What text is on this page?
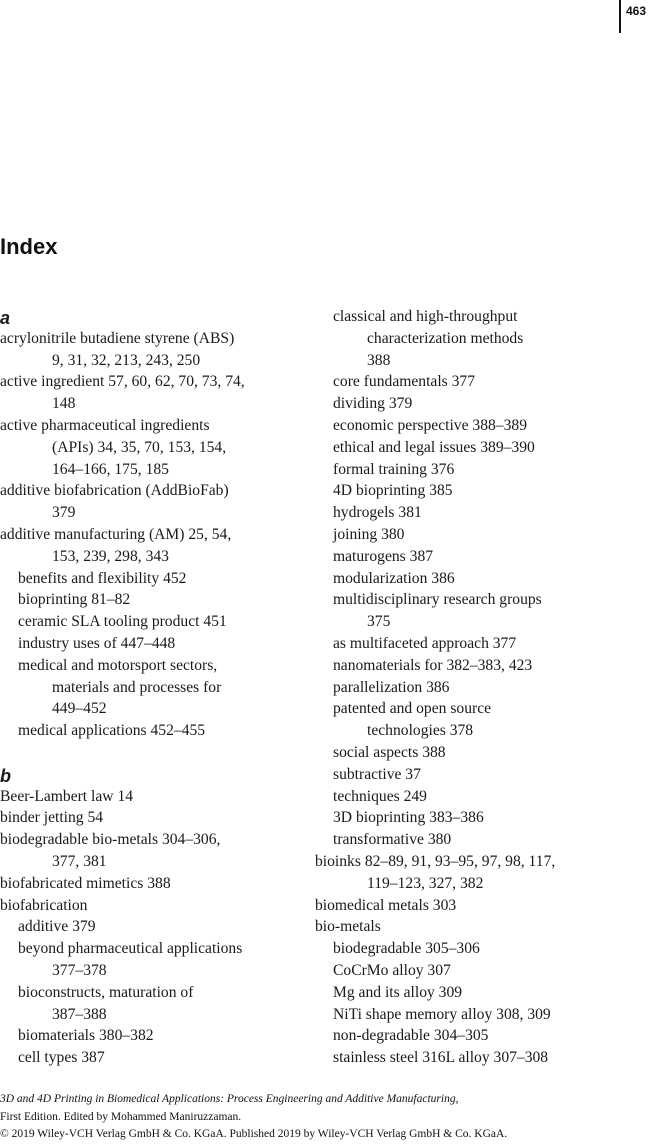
463
Index
a
acrylonitrile butadiene styrene (ABS)
9, 31, 32, 213, 243, 250
active ingredient 57, 60, 62, 70, 73, 74,
148
active pharmaceutical ingredients
(APIs) 34, 35, 70, 153, 154,
164–166, 175, 185
additive biofabrication (AddBioFab)
379
additive manufacturing (AM) 25, 54,
153, 239, 298, 343
benefits and flexibility 452
bioprinting 81–82
ceramic SLA tooling product 451
industry uses of 447–448
medical and motorsport sectors,
materials and processes for
449–452
medical applications 452–455
b
Beer-Lambert law 14
binder jetting 54
biodegradable bio-metals 304–306,
377, 381
biofabricated mimetics 388
biofabrication
additive 379
beyond pharmaceutical applications
377–378
bioconstructs, maturation of
387–388
biomaterials 380–382
cell types 387
classical and high-throughput
characterization methods
388
core fundamentals 377
dividing 379
economic perspective 388–389
ethical and legal issues 389–390
formal training 376
4D bioprinting 385
hydrogels 381
joining 380
maturogens 387
modularization 386
multidisciplinary research groups
375
as multifaceted approach 377
nanomaterials for 382–383, 423
parallelization 386
patented and open source
technologies 378
social aspects 388
subtractive 37
techniques 249
3D bioprinting 383–386
transformative 380
bioinks 82–89, 91, 93–95, 97, 98, 117,
119–123, 327, 382
biomedical metals 303
bio-metals
biodegradable 305–306
CoCrMo alloy 307
Mg and its alloy 309
NiTi shape memory alloy 308, 309
non-degradable 304–305
stainless steel 316L alloy 307–308
3D and 4D Printing in Biomedical Applications: Process Engineering and Additive Manufacturing,
First Edition. Edited by Mohammed Maniruzzaman.
© 2019 Wiley-VCH Verlag GmbH & Co. KGaA. Published 2019 by Wiley-VCH Verlag GmbH & Co. KGaA.
